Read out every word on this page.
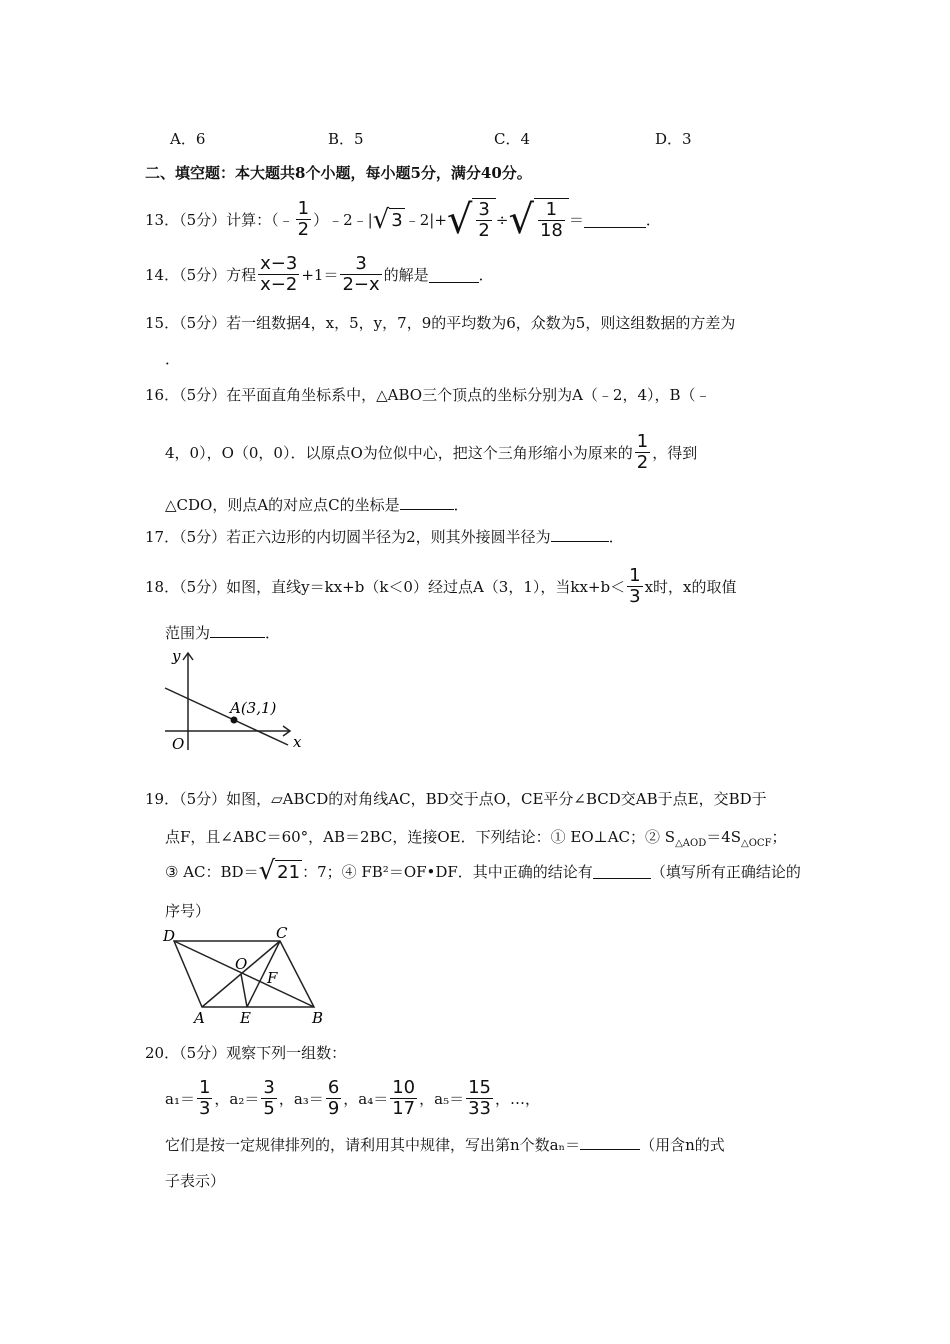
A．6	B．5	C．4	D．3
二、填空题：本大题共8个小题，每小题5分，满分40分。
13．（5分）计算：（ ﹣ $\frac{1}{2}$ ）﹣2﹣| √ 3 ﹣2|+ √ $\frac{3}{2}$ ÷ √ $\frac{1}{18}$ ＝	．
14．（5分）方程 $\frac{x-3}{x-2} +1= \frac{3}{2-x}$ 的解是	．
15．（5分）若一组数据4，x，5，y，7，9的平均数为6，众数为5，则这组数据的方差为
．
16．（5分）在平面直角坐标系中，△ABO三个顶点的坐标分别为A（﹣2，4），B（﹣
4，0），O（0，0）．以原点O为位似中心，把这个三角形缩小为原来的 $\frac{1}{2}$ ，得到
△CDO，则点A的对应点C的坐标是	．
17．（5分）若正六边形的内切圆半径为2，则其外接圆半径为	．
18．（5分）如图，直线y＝kx+b（k＜0）经过点A（3，1），当$kx+b< \frac{1}{3}$ x时，x的取值
范围为	．
y
x
O
A(3,1)
19．（5分）如图，▱ABCD的对角线AC，BD交于点O，CE平分∠BCD交AB于点E，交BD于
点F，且∠ABC＝60°，AB＝2BC，连接OE．下列结论：① EO⊥AC；② $S_{\triangle AOD}=4S_{\triangle OCF}$；
③ AC：BD＝ √ 21 ：7；④ FB²＝OF•DF．其中正确的结论有	（填写所有正确结论的
序号）
D	C
O
F
A E	B
20．（5分）观察下列一组数：
$a_1= \frac{1}{3}$ ，$a_2= \frac{3}{5}$ ，$a_3= \frac{6}{9}$ ，$a_4= \frac{10}{17}$ ，$a_5= \frac{15}{33}$ ，…，
它们是按一定规律排列的，请利用其中规律，写出第n个数aₙ＝	（用含n的式
子表示）
